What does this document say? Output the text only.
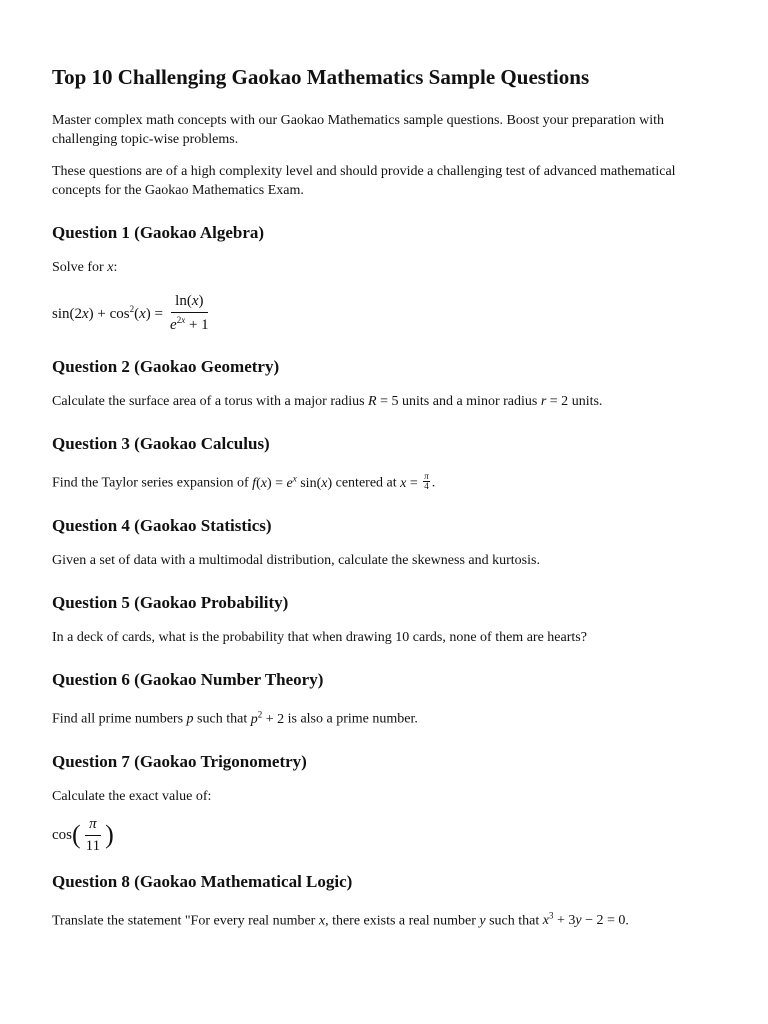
Top 10 Challenging Gaokao Mathematics Sample Questions

Master complex math concepts with our Gaokao Mathematics sample questions. Boost your preparation with challenging topic-wise problems.

These questions are of a high complexity level and should provide a challenging test of advanced mathematical concepts for the Gaokao Mathematics Exam.

Question 1 (Gaokao Algebra)

Solve for x:

$\sin(2x) + \cos^2(x) = \frac{\ln(x)}{e^{2x} + 1}$
Question 2 (Gaokao Geometry)

Calculate the surface area of a torus with a major radius R = 5 units and a minor radius r = 2 units.

Question 3 (Gaokao Calculus)

Find the Taylor series expansion of $f(x) = e^x$ sin(x) centered at $x = \frac{\pi}{4}$ .

Question 4 (Gaokao Statistics)

Given a set of data with a multimodal distribution, calculate the skewness and kurtosis.

Question 5 (Gaokao Probability)

In a deck of cards, what is the probability that when drawing 10 cards, none of them are hearts?

Question 6 (Gaokao Number Theory)

Find all prime numbers p such that $p^2 + 2$ is also a prime number.

Question 7 (Gaokao Trigonometry)

Calculate the exact value of:

cos ( $\frac{\pi}{11}$ )
Question 8 (Gaokao Mathematical Logic)

Translate the statement "For every real number x, there exists a real number y such that $x^3 + 3y - 2 = 0$.
